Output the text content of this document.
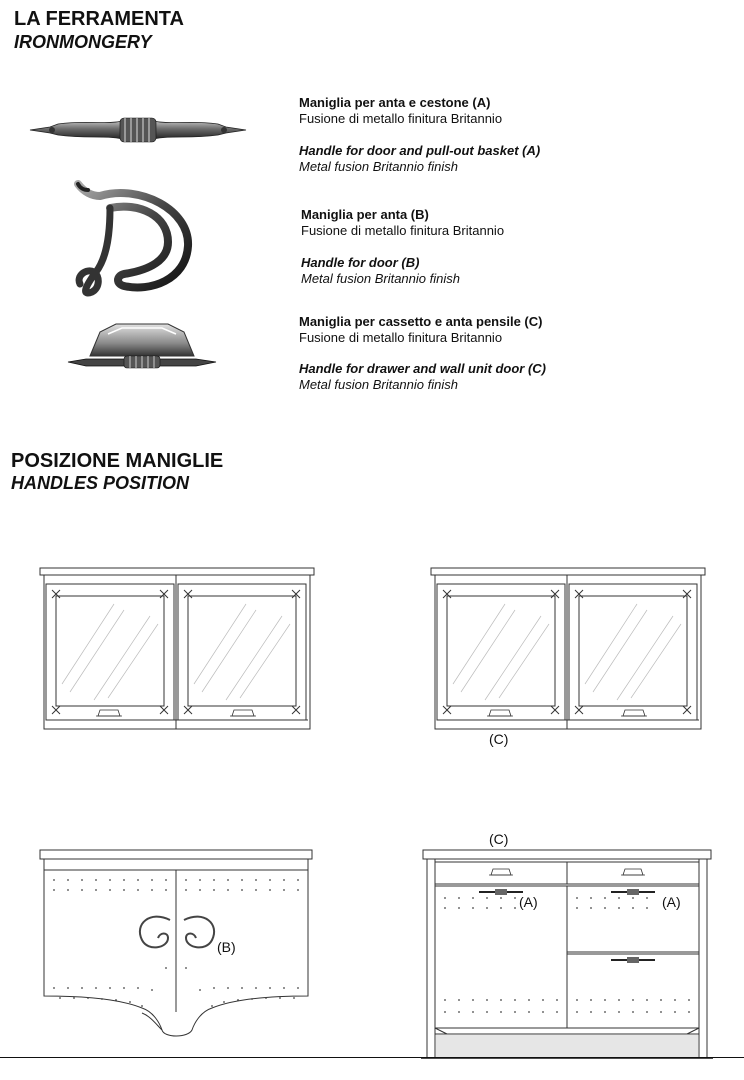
LA FERRAMENTA
IRONMONGERY
Maniglia per anta e cestone (A)
Fusione di metallo finitura Britannio
Handle for door and pull-out basket (A)
Metal fusion Britannio finish
Maniglia per anta (B)
Fusione di metallo finitura Britannio
Handle for door (B)
Metal fusion Britannio finish
Maniglia per cassetto e anta pensile (C)
Fusione di metallo finitura Britannio
Handle for drawer and wall unit door (C)
Metal fusion Britannio finish
POSIZIONE MANIGLIE
HANDLES POSITION
(C)
(B)
(C)
(A)	(A)
